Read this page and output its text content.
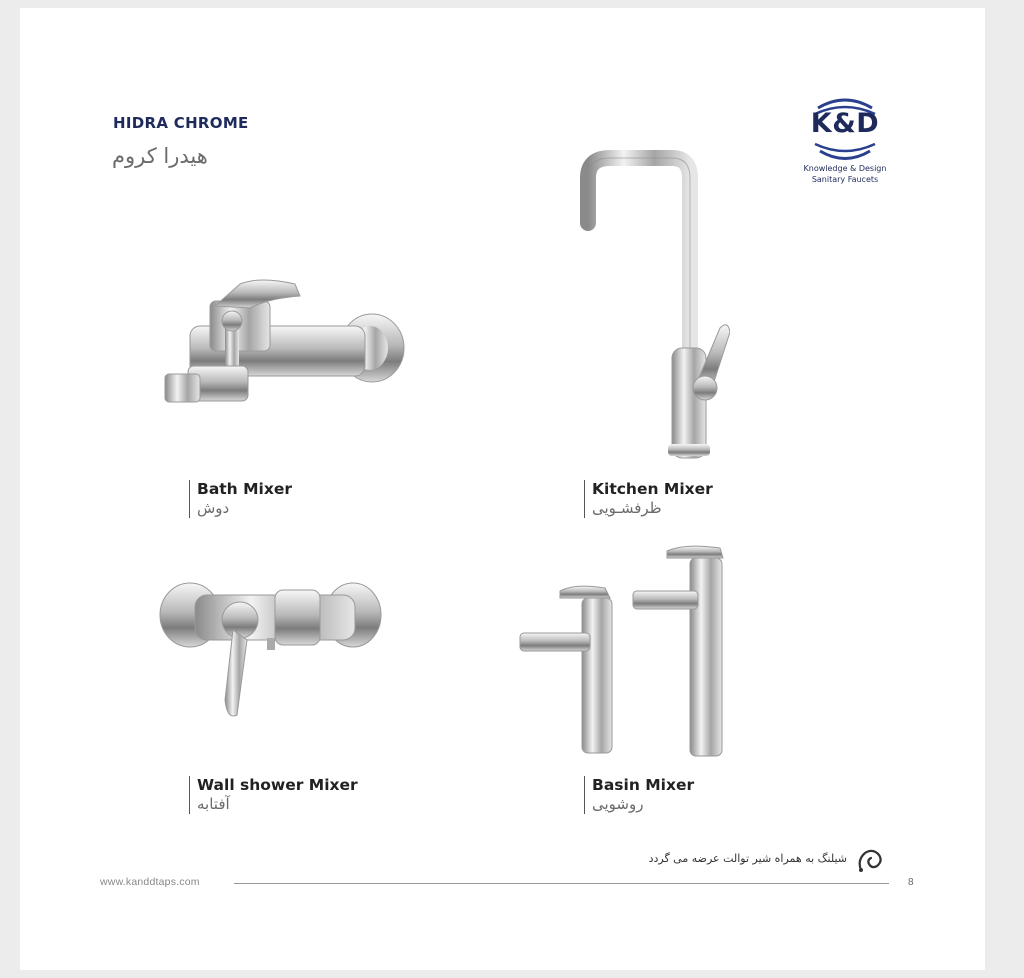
HIDRA CHROME
هیدرا کروم
K&D
Knowledge & Design
Sanitary Faucets
Bath Mixer
دوش
Kitchen Mixer
ظرفشـویی
Wall shower Mixer
آفتابه
Basin Mixer
روشویی
شیلنگ به همراه شیر توالت عرضه می گردد
www.kanddtaps.com	8
